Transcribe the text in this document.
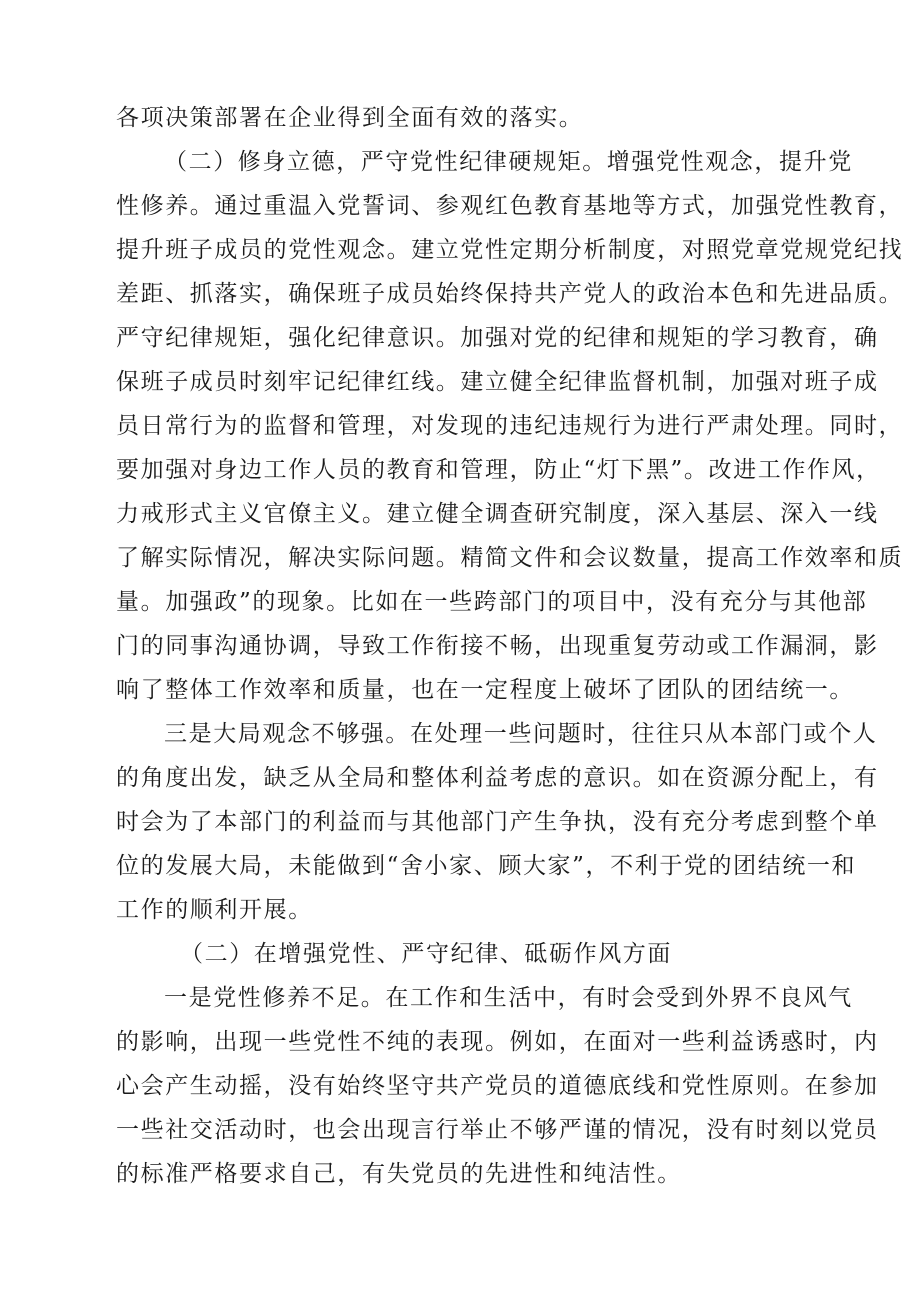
各项决策部署在企业得到全面有效的落实。
（二）修身立德，严守党性纪律硬规矩。增强党性观念，提升党
性修养。通过重温入党誓词、参观红色教育基地等方式，加强党性教育，
提升班子成员的党性观念。建立党性定期分析制度，对照党章党规党纪找
差距、抓落实，确保班子成员始终保持共产党人的政治本色和先进品质。
严守纪律规矩，强化纪律意识。加强对党的纪律和规矩的学习教育，确
保班子成员时刻牢记纪律红线。建立健全纪律监督机制，加强对班子成
员日常行为的监督和管理，对发现的违纪违规行为进行严肃处理。同时，
要加强对身边工作人员的教育和管理，防止“灯下黑”。改进工作作风，
力戒形式主义官僚主义。建立健全调查研究制度，深入基层、深入一线
了解实际情况，解决实际问题。精简文件和会议数量，提高工作效率和质
量。加强政”的现象。比如在一些跨部门的项目中，没有充分与其他部
门的同事沟通协调，导致工作衔接不畅，出现重复劳动或工作漏洞，影
响了整体工作效率和质量，也在一定程度上破坏了团队的团结统一。
三是大局观念不够强。在处理一些问题时，往往只从本部门或个人
的角度出发，缺乏从全局和整体利益考虑的意识。如在资源分配上，有
时会为了本部门的利益而与其他部门产生争执，没有充分考虑到整个单
位的发展大局，未能做到“舍小家、顾大家”，不利于党的团结统一和
工作的顺利开展。
（二）在增强党性、严守纪律、砥砺作风方面
一是党性修养不足。在工作和生活中，有时会受到外界不良风气
的影响，出现一些党性不纯的表现。例如，在面对一些利益诱惑时，内
心会产生动摇，没有始终坚守共产党员的道德底线和党性原则。在参加
一些社交活动时，也会出现言行举止不够严谨的情况，没有时刻以党员
的标准严格要求自己，有失党员的先进性和纯洁性。
